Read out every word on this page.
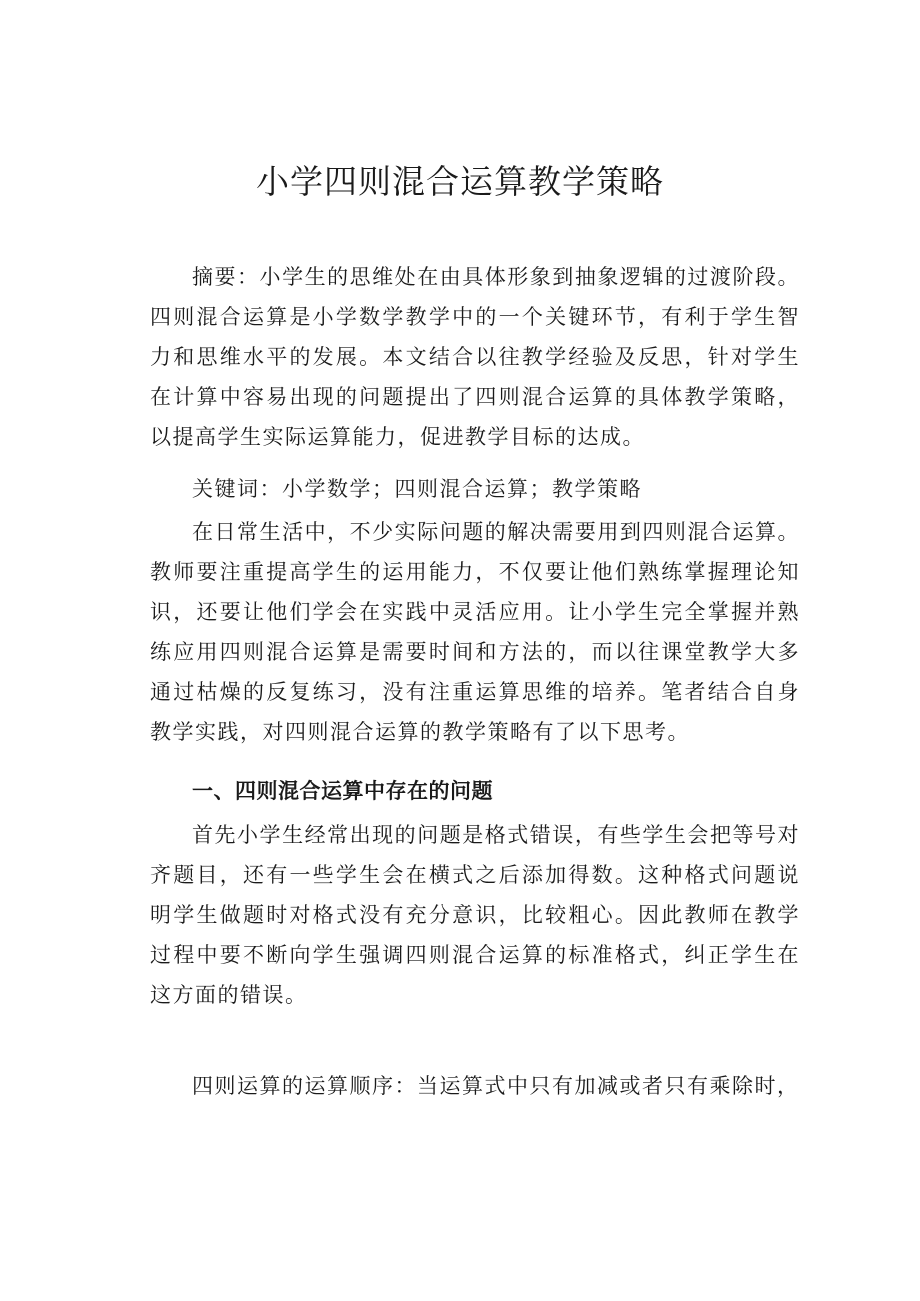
小学四则混合运算教学策略

摘要：小学生的思维处在由具体形象到抽象逻辑的过渡阶段。四则混合运算是小学数学教学中的一个关键环节，有利于学生智力和思维水平的发展。本文结合以往教学经验及反思，针对学生在计算中容易出现的问题提出了四则混合运算的具体教学策略，以提高学生实际运算能力，促进教学目标的达成。

关键词：小学数学；四则混合运算；教学策略

在日常生活中，不少实际问题的解决需要用到四则混合运算。教师要注重提高学生的运用能力，不仅要让他们熟练掌握理论知识，还要让他们学会在实践中灵活应用。让小学生完全掌握并熟练应用四则混合运算是需要时间和方法的，而以往课堂教学大多通过枯燥的反复练习，没有注重运算思维的培养。笔者结合自身教学实践，对四则混合运算的教学策略有了以下思考。

一、四则混合运算中存在的问题

首先小学生经常出现的问题是格式错误，有些学生会把等号对齐题目，还有一些学生会在横式之后添加得数。这种格式问题说明学生做题时对格式没有充分意识，比较粗心。因此教师在教学过程中要不断向学生强调四则混合运算的标准格式，纠正学生在这方面的错误。

四则运算的运算顺序：当运算式中只有加减或者只有乘除时，
